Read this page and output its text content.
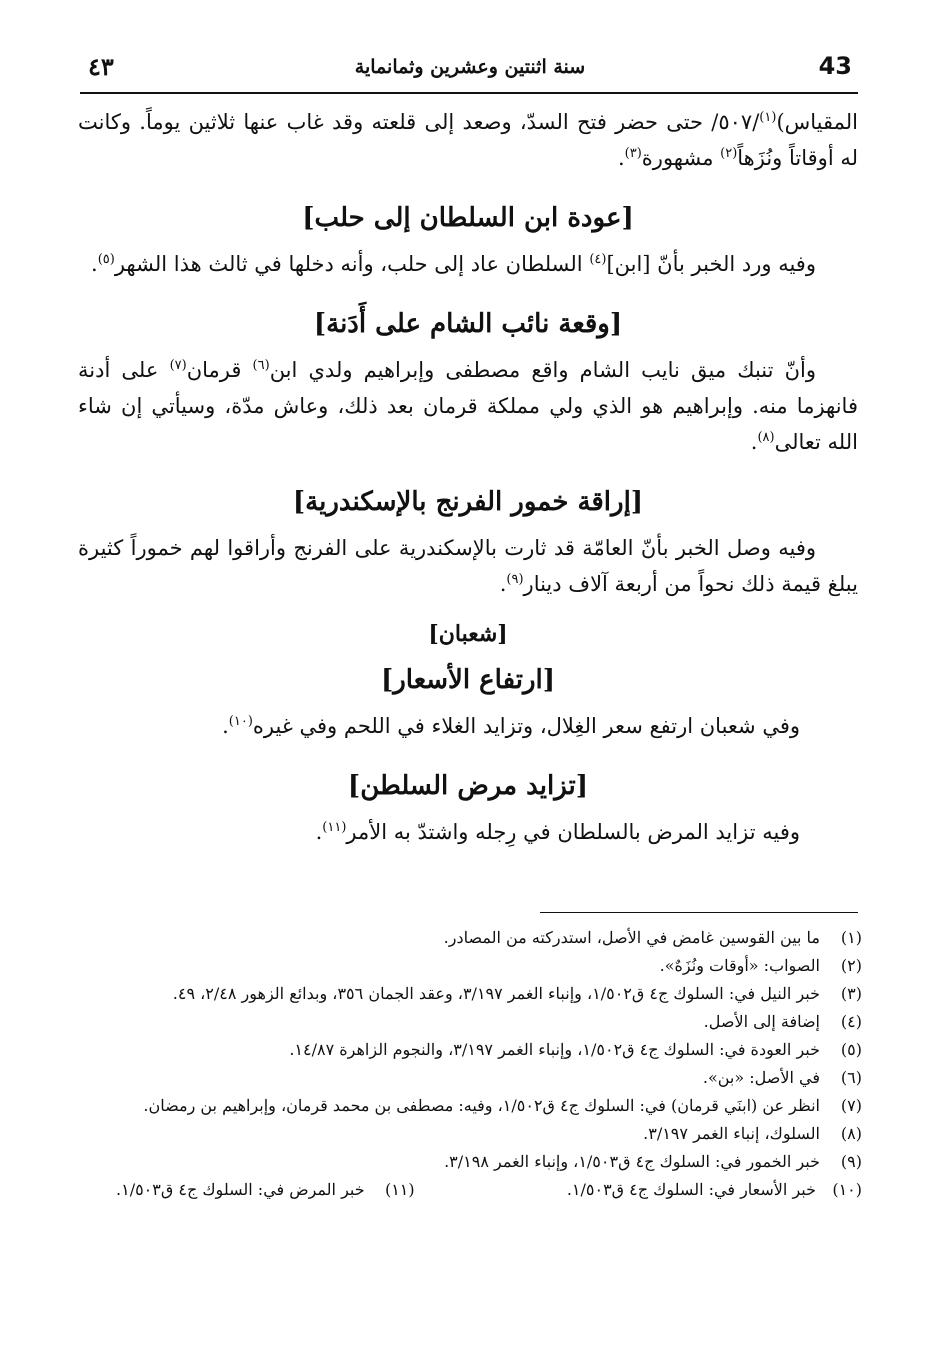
43
سنة اثنتين وعشرين وثمانماية
٤٣

المقياس)$^{(١)}$/٥٠٧/ حتى حضر فتح السدّ، وصعد إلى قلعته وقد غاب عنها ثلاثين يوماً. وكانت له أوقاتاً ونُزَهاً$^{(٢)}$ مشهورة$^{(٣)}$.

[عودة ابن السلطان إلى حلب]

وفيه ورد الخبر بأنّ [ابن]$^{(٤)}$ السلطان عاد إلى حلب، وأنه دخلها في ثالث هذا الشهر$^{(٥)}$.

[وقعة نائب الشام على أَدَنة]

وأنّ تنبك ميق نايب الشام واقع مصطفى وإبراهيم ولدي ابن$^{(٦)}$ قرمان$^{(٧)}$ على أدنة فانهزما منه. وإبراهيم هو الذي ولي مملكة قرمان بعد ذلك، وعاش مدّة، وسيأتي إن شاء الله تعالى$^{(٨)}$.

[إراقة خمور الفرنج بالإسكندرية]

وفيه وصل الخبر بأنّ العامّة قد ثارت بالإسكندرية على الفرنج وأراقوا لهم خموراً كثيرة يبلغ قيمة ذلك نحواً من أربعة آلاف دينار$^{(٩)}$.

[شعبان]
[ارتفاع الأسعار]

وفي شعبان ارتفع سعر الغِلال، وتزايد الغلاء في اللحم وفي غيره$^{(١٠)}$.

[تزايد مرض السلطن]

وفيه تزايد المرض بالسلطان في رِجله واشتدّ به الأمر$^{(١١)}$.

(١)
ما بين القوسين غامض في الأصل، استدركته من المصادر.
(٢)
الصواب: «أوقات ونُزَهٌ».
(٣)
خبر النيل في: السلوك ج٤ ق١/٥٠٢، وإنباء الغمر ٣/١٩٧، وعقد الجمان ٣٥٦، وبدائع الزهور ٢/٤٨، ٤٩.
(٤)
إضافة إلى الأصل.
(٥)
خبر العودة في: السلوك ج٤ ق١/٥٠٢، وإنباء الغمر ٣/١٩٧، والنجوم الزاهرة ١٤/٨٧.
(٦)
في الأصل: «بن».
(٧)
انظر عن (ابنَي قرمان) في: السلوك ج٤ ق١/٥٠٢، وفيه: مصطفى بن محمد قرمان، وإبراهيم بن رمضان.
(٨)
السلوك، إنباء الغمر ٣/١٩٧.
(٩)
خبر الخمور في: السلوك ج٤ ق١/٥٠٣، وإنباء الغمر ٣/١٩٨.
(١٠)
خبر الأسعار في: السلوك ج٤ ق١/٥٠٣.
(١١)
خبر المرض في: السلوك ج٤ ق١/٥٠٣.
